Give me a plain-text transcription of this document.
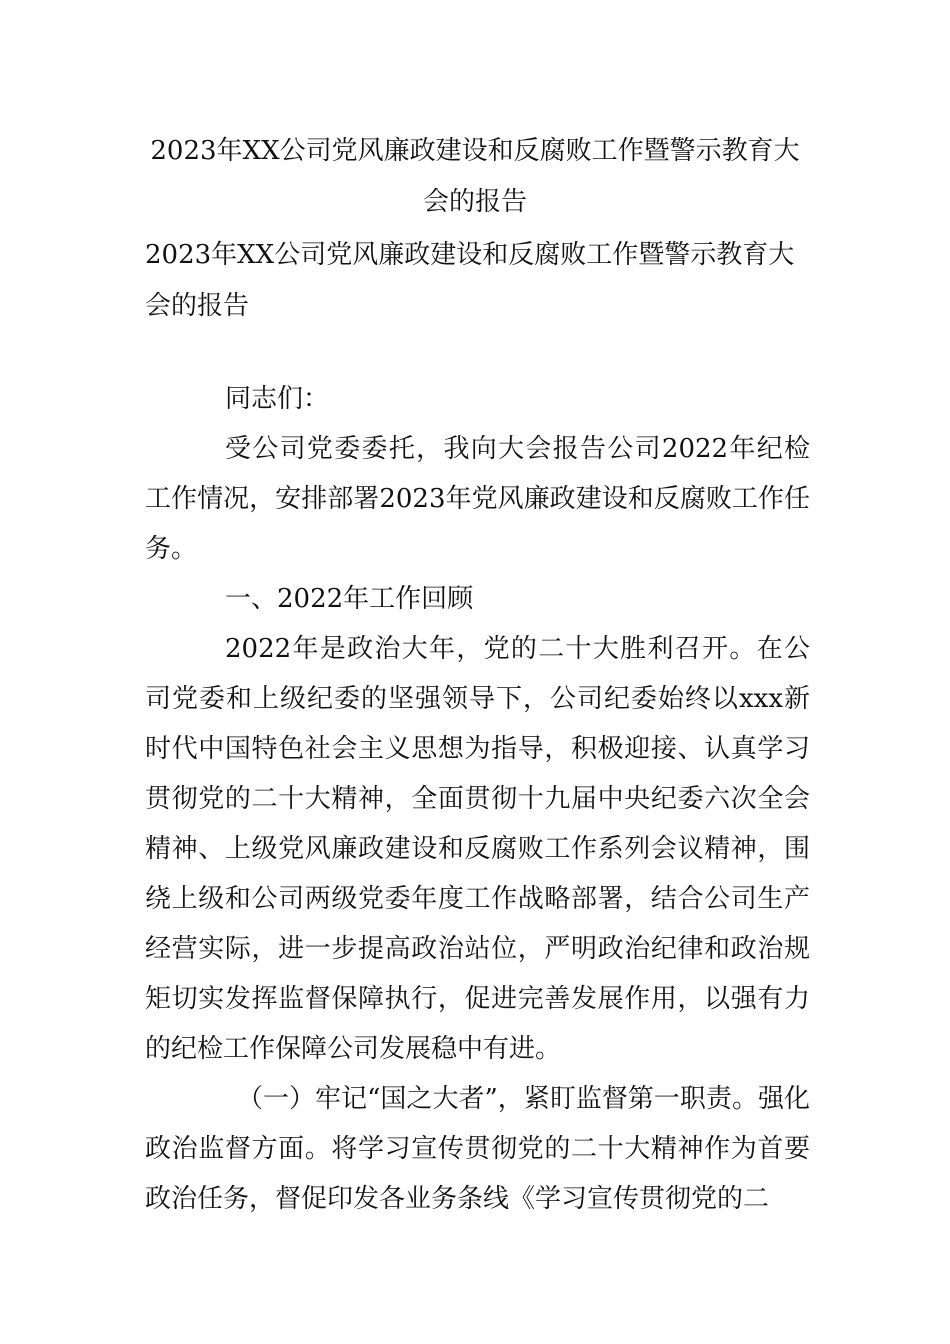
2023年XX公司党风廉政建设和反腐败工作暨警示教育大会的报告

2023年XX公司党风廉政建设和反腐败工作暨警示教育大会的报告

同志们：

受公司党委委托，我向大会报告公司2022年纪检工作情况，安排部署2023年党风廉政建设和反腐败工作任务。

一、2022年工作回顾

2022年是政治大年，党的二十大胜利召开。在公司党委和上级纪委的坚强领导下，公司纪委始终以xxx新时代中国特色社会主义思想为指导，积极迎接、认真学习贯彻党的二十大精神，全面贯彻十九届中央纪委六次全会精神、上级党风廉政建设和反腐败工作系列会议精神，围绕上级和公司两级党委年度工作战略部署，结合公司生产经营实际，进一步提高政治站位，严明政治纪律和政治规矩切实发挥监督保障执行，促进完善发展作用，以强有力的纪检工作保障公司发展稳中有进。

（一）牢记“国之大者”，紧盯监督第一职责。强化政治监督方面。将学习宣传贯彻党的二十大精神作为首要政治任务，督促印发各业务条线《学习宣传贯彻党的二
